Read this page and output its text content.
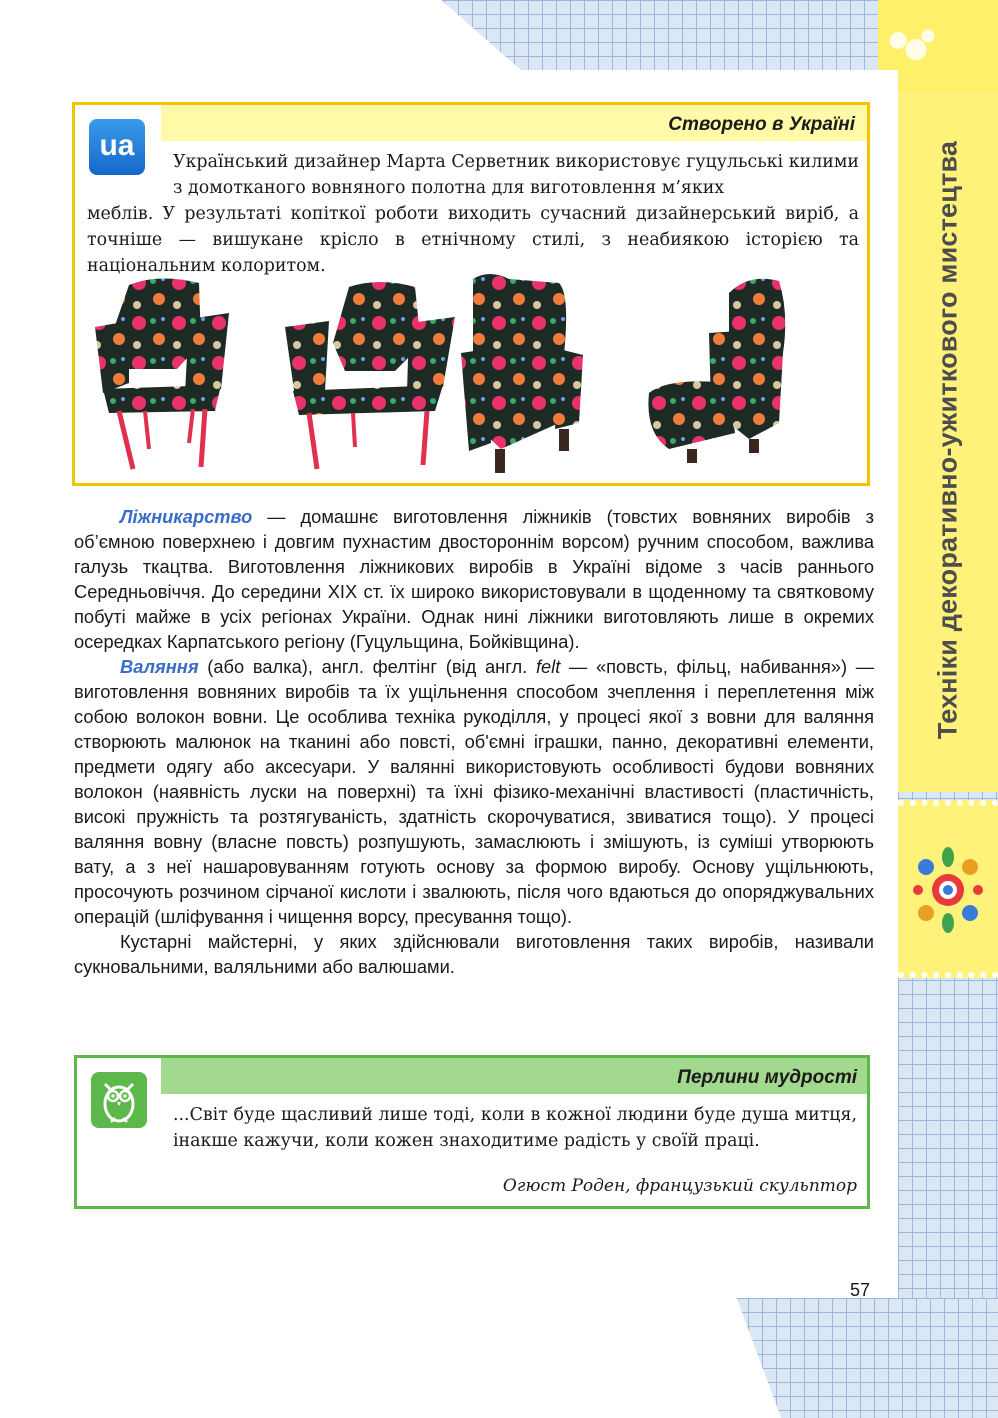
Техніки декоративно-ужиткового мистецтва
Створено в Україні
ua	Український дизайнер Марта Серветник використовує гуцульські килими з домотканого вовняного полотна для виготовлення м’яких
меблів. У результаті копіткої роботи виходить сучасний дизайнерський виріб, а точніше — вишукане крісло в етнічному стилі, з неабиякою історією та національним колоритом.

Ліжникарство — домашнє виготовлення ліжників (товстих вовняних виробів з об’ємною поверхнею і довгим пухнастим двостороннім ворсом) ручним способом, важлива галузь ткацтва. Виготовлення ліжникових виробів в Україні відоме з часів раннього Середньовіччя. До середини XIX ст. їх широко використовували в щоденному та святковому побуті майже в усіх регіонах України. Однак нині ліжники виготовляють лише в окремих осередках Карпатського регіону (Гуцульщина, Бойківщина).

Валяння (або валка), англ. фелтінг (від англ. felt — «повсть, фільц, набивання») — виготовлення вовняних виробів та їх ущільнення способом зчеплення і переплетення між собою волокон вовни. Це особлива техніка рукоділля, у процесі якої з вовни для валяння створюють малюнок на тканині або повсті, об'ємні іграшки, панно, декоративні елементи, предмети одягу або аксесуари. У валянні використовують особливості будови вовняних волокон (наявність луски на поверхні) та їхні фізико-механічні властивості (пластичність, високі пружність та розтягуваність, здатність скорочуватися, звиватися тощо). У процесі валяння вовну (власне повсть) розпушують, замаслюють і змішують, із суміші утворюють вату, а з неї нашаровуванням готують основу за формою виробу. Основу ущільнюють, просочують розчином сірчаної кислоти і звалюють, після чого вдаються до опоряджувальних операцій (шліфування і чищення ворсу, пресування тощо).

Кустарні майстерні, у яких здійснювали виготовлення таких виробів, називали сукновальними, валяльними або валюшами.

Перлини мудрості
...Світ буде щасливий лише тоді, коли в кожної людини буде душа митця, інакше кажучи, коли кожен знаходитиме радість у своїй праці.
Огюст Роден, французький скульптор
57
